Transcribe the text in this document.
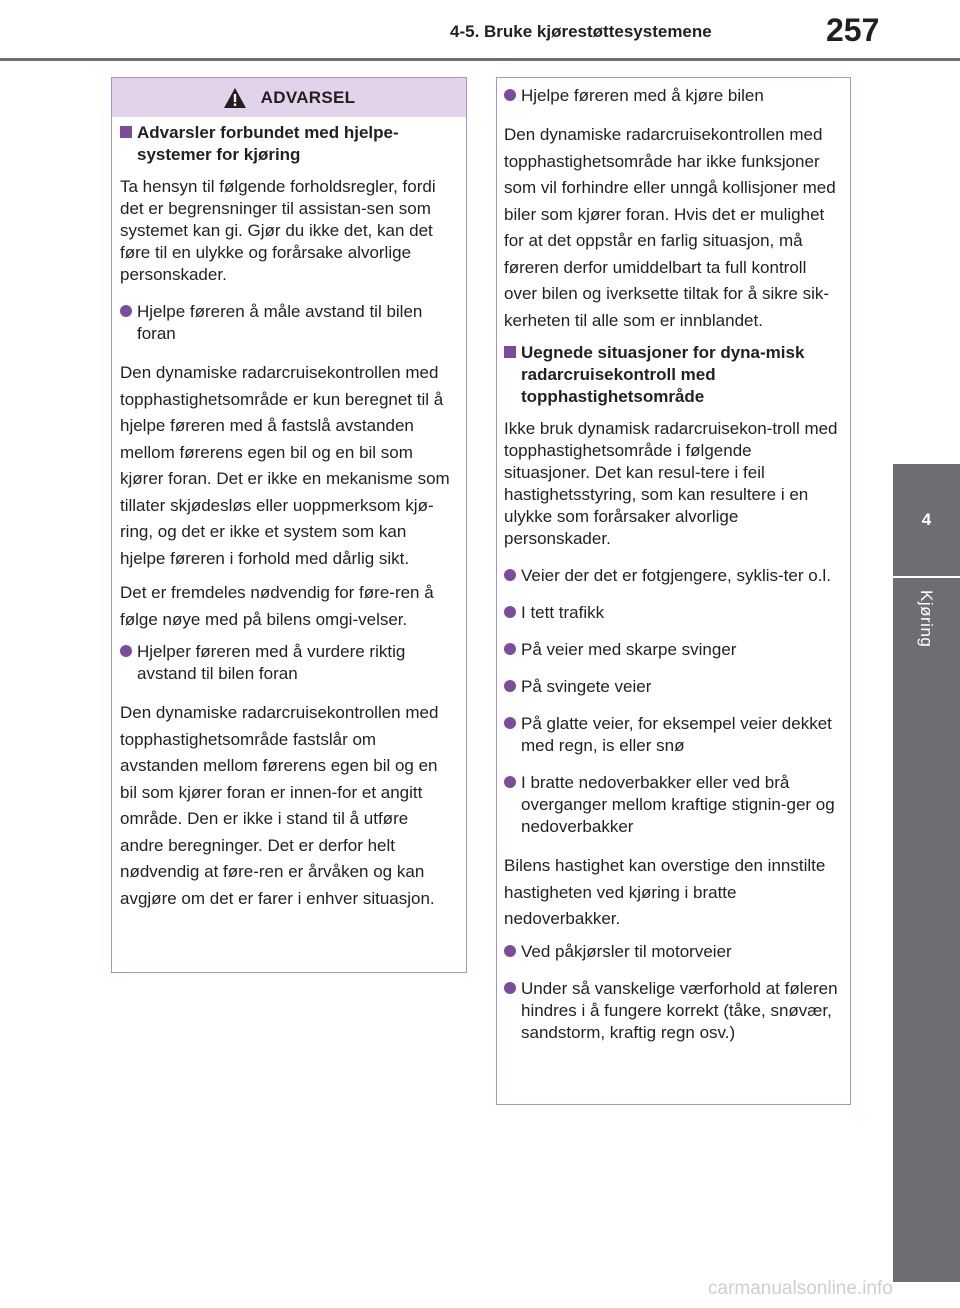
4-5. Bruke kjørestøttesystemene	257
4
Kjøring
ADVARSEL
Advarsler forbundet med hjelpe-systemer for kjøring
Ta hensyn til følgende forholdsregler, fordi det er begrensninger til assistan-sen som systemet kan gi. Gjør du ikke det, kan det føre til en ulykke og forårsake alvorlige personskader.
Hjelpe føreren å måle avstand til bilen foran
Den dynamiske radarcruisekontrollen med topphastighetsområde er kun beregnet til å hjelpe føreren med å fastslå avstanden mellom førerens egen bil og en bil som kjører foran. Det er ikke en mekanisme som tillater skjødesløs eller uoppmerksom kjø-ring, og det er ikke et system som kan hjelpe føreren i forhold med dårlig sikt.
Det er fremdeles nødvendig for føre-ren å følge nøye med på bilens omgi-velser.
Hjelper føreren med å vurdere riktig avstand til bilen foran
Den dynamiske radarcruisekontrollen med topphastighetsområde fastslår om avstanden mellom førerens egen bil og en bil som kjører foran er innen-for et angitt område. Den er ikke i stand til å utføre andre beregninger. Det er derfor helt nødvendig at føre-ren er årvåken og kan avgjøre om det er farer i enhver situasjon.
Hjelpe føreren med å kjøre bilen
Den dynamiske radarcruisekontrollen med topphastighetsområde har ikke funksjoner som vil forhindre eller unngå kollisjoner med biler som kjører foran. Hvis det er mulighet for at det oppstår en farlig situasjon, må føreren derfor umiddelbart ta full kontroll over bilen og iverksette tiltak for å sikre sik-kerheten til alle som er innblandet.
Uegnede situasjoner for dyna-misk radarcruisekontroll med topphastighetsområde
Ikke bruk dynamisk radarcruisekon-troll med topphastighetsområde i følgende situasjoner. Det kan resul-tere i feil hastighetsstyring, som kan resultere i en ulykke som forårsaker alvorlige personskader.
Veier der det er fotgjengere, syklis-ter o.l.
I tett trafikk
På veier med skarpe svinger
På svingete veier
På glatte veier, for eksempel veier dekket med regn, is eller snø
I bratte nedoverbakker eller ved brå overganger mellom kraftige stignin-ger og nedoverbakker
Bilens hastighet kan overstige den innstilte hastigheten ved kjøring i bratte nedoverbakker.
Ved påkjørsler til motorveier
Under så vanskelige værforhold at føleren hindres i å fungere korrekt (tåke, snøvær, sandstorm, kraftig regn osv.)
carmanualsonline.info
